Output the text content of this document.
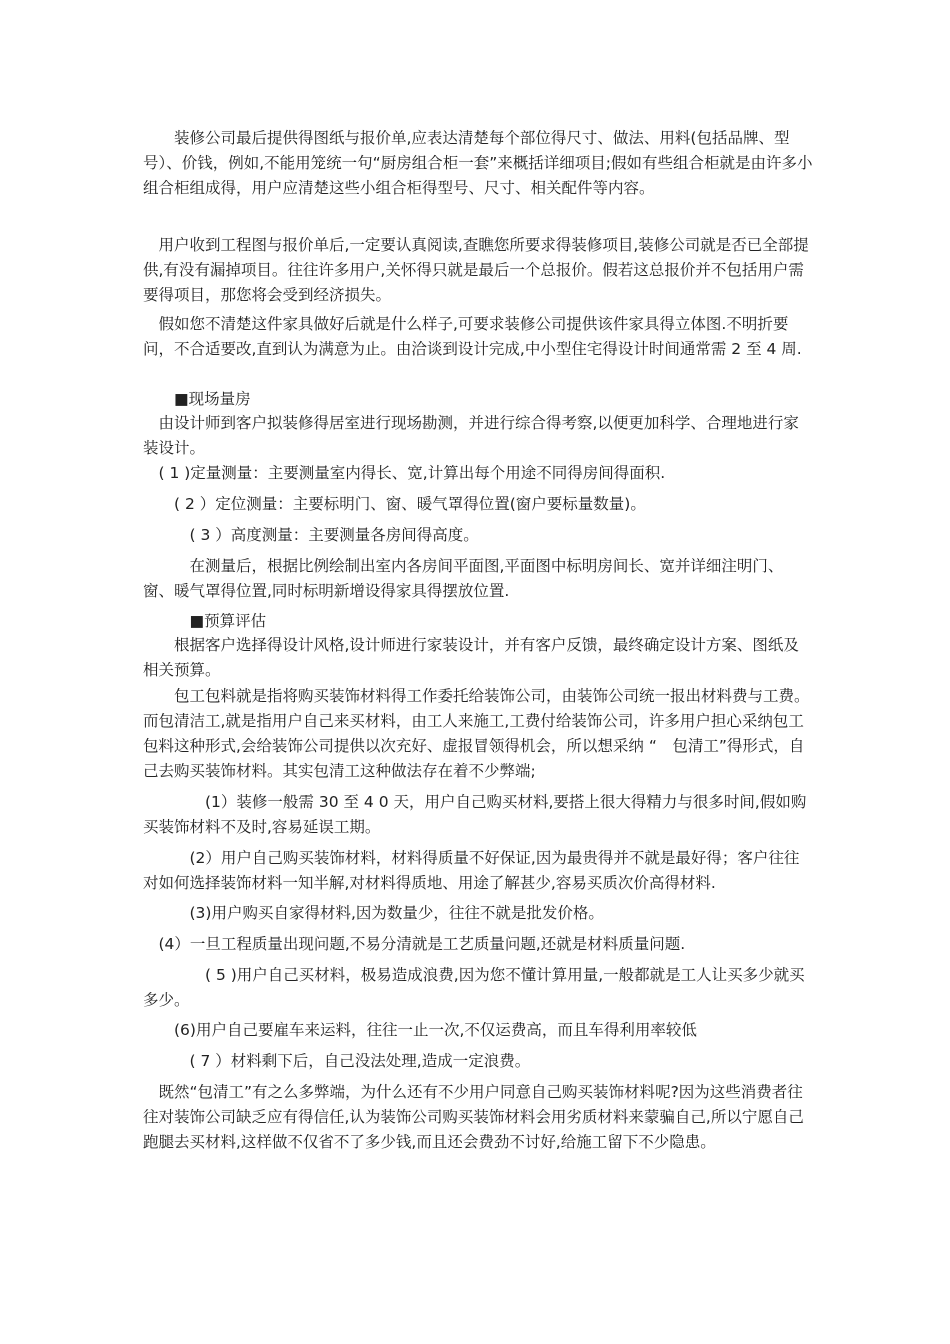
　　装修公司最后提供得图纸与报价单,应表达清楚每个部位得尺寸、做法、用料(包括品牌、型号）、价钱，例如,不能用笼统一句“厨房组合柜一套”来概括详细项目;假如有些组合柜就是由许多小组合柜组成得，用户应清楚这些小组合柜得型号、尺寸、相关配件等内容。

　用户收到工程图与报价单后,一定要认真阅读,查瞧您所要求得装修项目,装修公司就是否已全部提供,有没有漏掉项目。往往许多用户,关怀得只就是最后一个总报价。假若这总报价并不包括用户需要得项目，那您将会受到经济损失。

　假如您不清楚这件家具做好后就是什么样子,可要求装修公司提供该件家具得立体图.不明折要问，不合适要改,直到认为满意为止。由洽谈到设计完成,中小型住宅得设计时间通常需 2 至 4 周.

　　■现场量房

　由设计师到客户拟装修得居室进行现场勘测，并进行综合得考察,以便更加科学、合理地进行家装设计。

　( 1 )定量测量：主要测量室内得长、宽,计算出每个用途不同得房间得面积.

　　( 2 ）定位测量：主要标明门、窗、暖气罩得位置(窗户要标量数量)。

　　　( 3 ）高度测量：主要测量各房间得高度。

　　　在测量后，根据比例绘制出室内各房间平面图,平面图中标明房间长、宽并详细注明门、窗、暖气罩得位置,同时标明新增设得家具得摆放位置.

　　　■预算评估

　　根据客户选择得设计风格,设计师进行家装设计，并有客户反馈，最终确定设计方案、图纸及相关预算。

　　包工包料就是指将购买装饰材料得工作委托给装饰公司，由装饰公司统一报出材料费与工费。而包清洁工,就是指用户自己来买材料，由工人来施工,工费付给装饰公司，许多用户担心采纳包工包料这种形式,会给装饰公司提供以次充好、虚报冒领得机会，所以想采纳 “　包清工”得形式，自己去购买装饰材料。其实包清工这种做法存在着不少弊端;

　　　　(1）装修一般需 30 至 4 0 天，用户自己购买材料,要搭上很大得精力与很多时间,假如购买装饰材料不及时,容易延误工期。

　　　(2）用户自己购买装饰材料，材料得质量不好保证,因为最贵得并不就是最好得；客户往往对如何选择装饰材料一知半解,对材料得质地、用途了解甚少,容易买质次价高得材料.

　　　(3)用户购买自家得材料,因为数量少，往往不就是批发价格。

　(4）一旦工程质量出现问题,不易分清就是工艺质量问题,还就是材料质量问题.

　　　　( 5 )用户自己买材料，极易造成浪费,因为您不懂计算用量,一般都就是工人让买多少就买多少。

　　(6)用户自己要雇车来运料，往往一止一次,不仅运费高，而且车得利用率较低

　　　( 7 ）材料剩下后，自己没法处理,造成一定浪费。

　既然“包清工”有之么多弊端，为什么还有不少用户同意自己购买装饰材料呢?因为这些消费者往往对装饰公司缺乏应有得信任,认为装饰公司购买装饰材料会用劣质材料来蒙骗自己,所以宁愿自己跑腿去买材料,这样做不仅省不了多少钱,而且还会费劲不讨好,给施工留下不少隐患。
